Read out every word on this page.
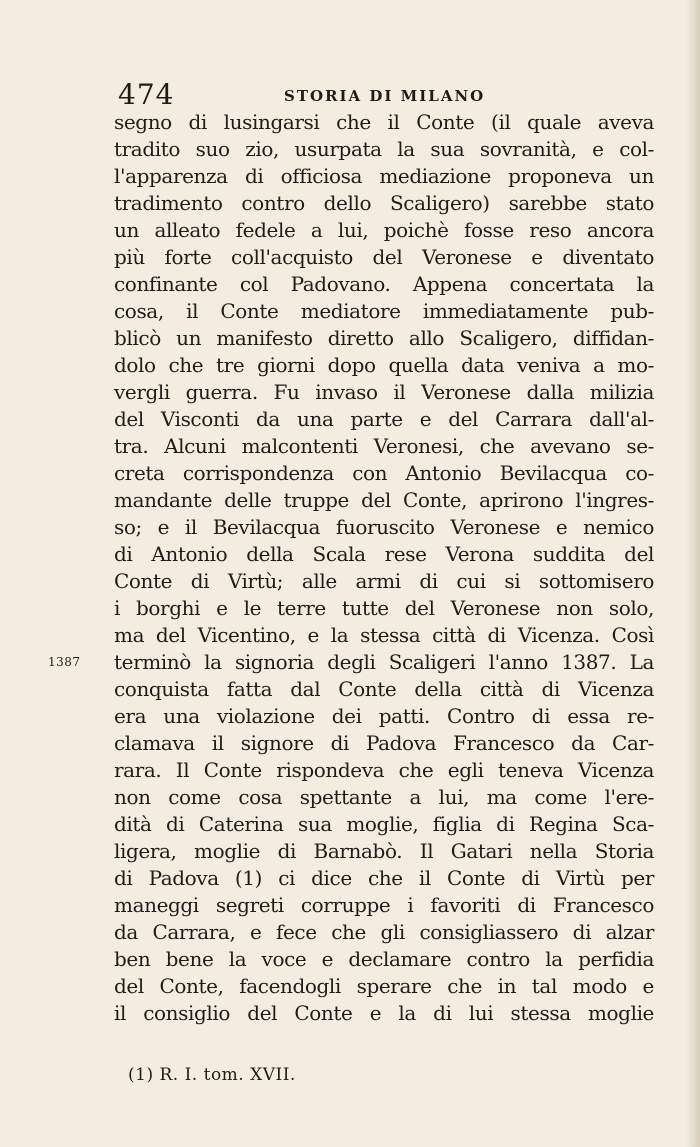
474	STORIA DI MILANO
1387
segno di lusingarsi che il Conte (il quale aveva
tradito suo zio, usurpata la sua sovranità, e col-
l'apparenza di officiosa mediazione proponeva un
tradimento contro dello Scaligero) sarebbe stato
un alleato fedele a lui, poichè fosse reso ancora
più forte coll'acquisto del Veronese e diventato
confinante col Padovano. Appena concertata la
cosa, il Conte mediatore immediatamente pub-
blicò un manifesto diretto allo Scaligero, diffidan-
dolo che tre giorni dopo quella data veniva a mo-
vergli guerra. Fu invaso il Veronese dalla milizia
del Visconti da una parte e del Carrara dall'al-
tra. Alcuni malcontenti Veronesi, che avevano se-
creta corrispondenza con Antonio Bevilacqua co-
mandante delle truppe del Conte, aprirono l'ingres-
so; e il Bevilacqua fuoruscito Veronese e nemico
di Antonio della Scala rese Verona suddita del
Conte di Virtù; alle armi di cui si sottomisero
i borghi e le terre tutte del Veronese non solo,
ma del Vicentino, e la stessa città di Vicenza. Così
terminò la signoria degli Scaligeri l'anno 1387. La
conquista fatta dal Conte della città di Vicenza
era una violazione dei patti. Contro di essa re-
clamava il signore di Padova Francesco da Car-
rara. Il Conte rispondeva che egli teneva Vicenza
non come cosa spettante a lui, ma come l'ere-
dità di Caterina sua moglie, figlia di Regina Sca-
ligera, moglie di Barnabò. Il Gatari nella Storia
di Padova (1) ci dice che il Conte di Virtù per
maneggi segreti corruppe i favoriti di Francesco
da Carrara, e fece che gli consigliassero di alzar
ben bene la voce e declamare contro la perfidia
del Conte, facendogli sperare che in tal modo e
il consiglio del Conte e la di lui stessa moglie
(1) R. I. tom. XVII.
